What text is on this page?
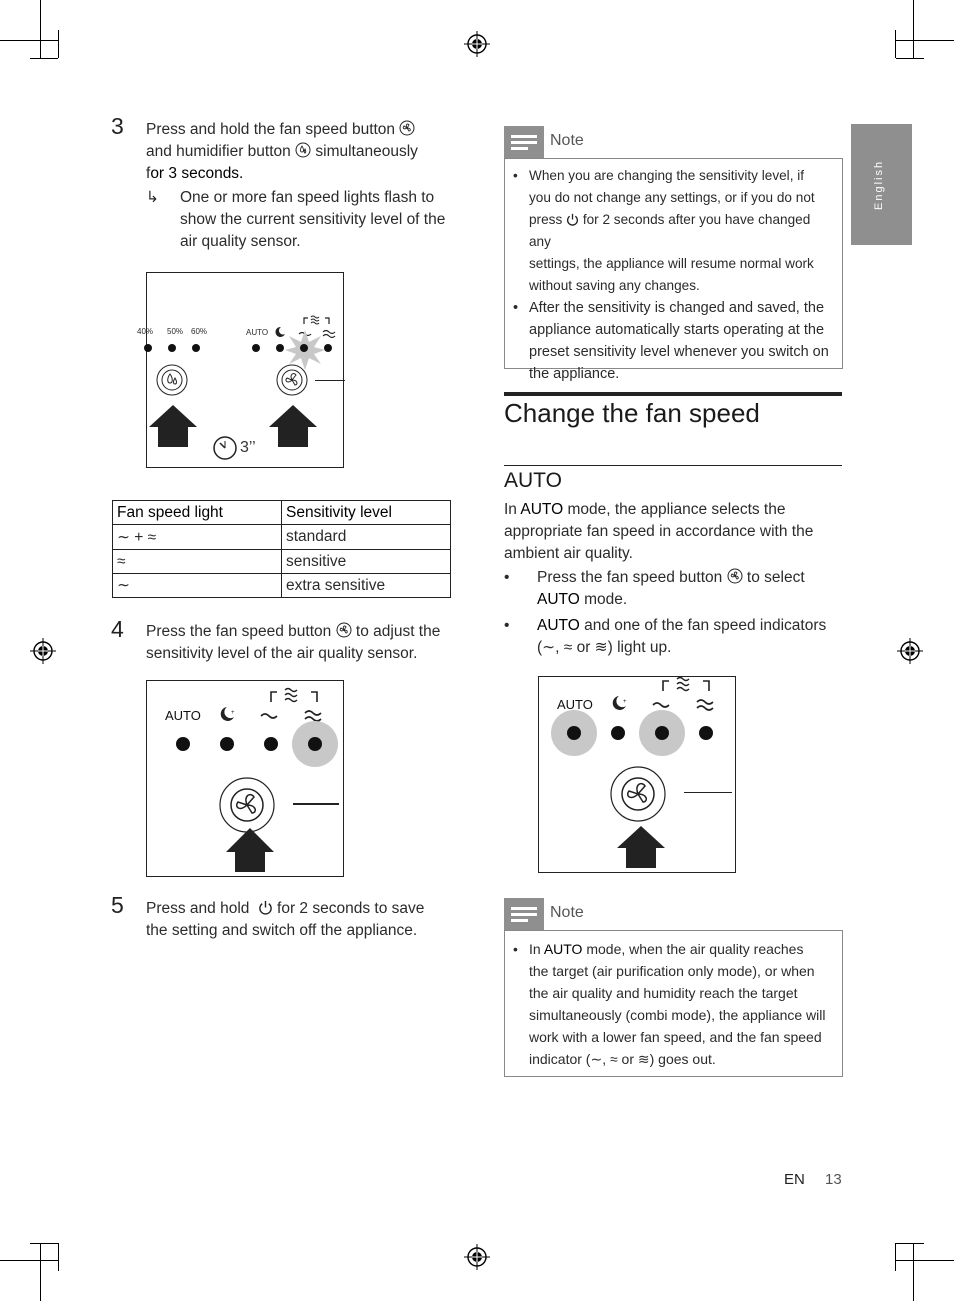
English
3 Press and hold the fan speed button
and humidifier button simultaneously
for 3 seconds.
↳ One or more fan speed lights flash to
show the current sensitivity level of the
air quality sensor.
40% 50% 60%	AUTO
3’’
Fan speed light	Sensitivity level
∼ + ≈	standard
≈	sensitive
∼	extra sensitive
4 Press the fan speed button to adjust the
sensitivity level of the air quality sensor.
AUTO	+
5 Press and hold for 2 seconds to save
the setting and switch off the appliance.
Note
• When you are changing the sensitivity level, if
you do not change any settings, or if you do not
press for 2 seconds after you have changed any
settings, the appliance will resume normal work
without saving any changes.
• After the sensitivity is changed and saved, the
appliance automatically starts operating at the
preset sensitivity level whenever you switch on
the appliance.
Change the fan speed
AUTO
In AUTO mode, the appliance selects the
appropriate fan speed in accordance with the
ambient air quality.
• Press the fan speed button to select
AUTO mode.
• AUTO and one of the fan speed indicators
(∼, ≈ or ≋) light up.
AUTO	+
Note
• In AUTO mode, when the air quality reaches
the target (air purification only mode), or when
the air quality and humidity reach the target
simultaneously (combi mode), the appliance will
work with a lower fan speed, and the fan speed
indicator (∼, ≈ or ≋) goes out.
EN 13
